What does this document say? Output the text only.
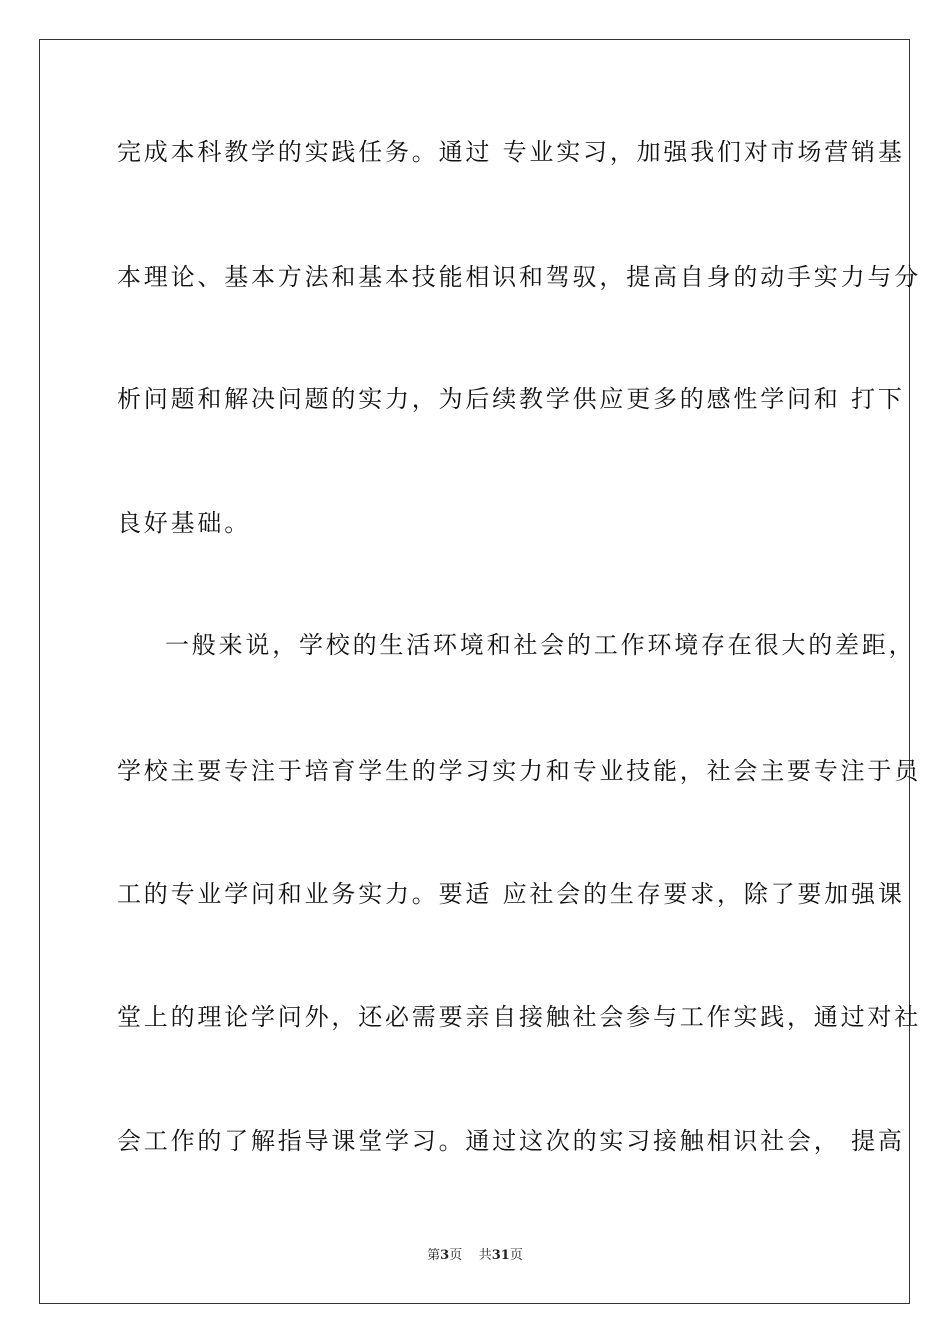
完成本科教学的实践任务。通过 专业实习，加强我们对市场营销基
本理论、基本方法和基本技能相识和驾驭，提高自身的动手实力与分
析问题和解决问题的实力，为后续教学供应更多的感性学问和 打下
良好基础。
一般来说，学校的生活环境和社会的工作环境存在很大的差距，
学校主要专注于培育学生的学习实力和专业技能，社会主要专注于员
工的专业学问和业务实力。要适 应社会的生存要求，除了要加强课
堂上的理论学问外，还必需要亲自接触社会参与工作实践，通过对社
会工作的了解指导课堂学习。通过这次的实习接触相识社会， 提高
第3页 共31页
